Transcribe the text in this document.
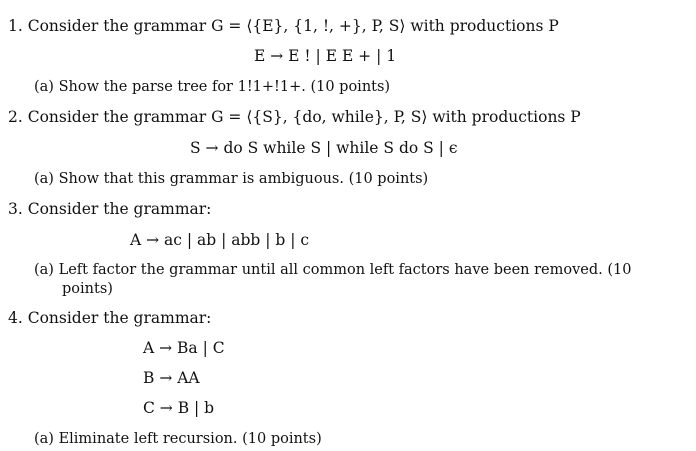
1. Consider the grammar G = ⟨{E}, {1, !, +}, P, S⟩ with productions P
E → E ! | E E + | 1
(a) Show the parse tree for 1!1+!1+. (10 points)
2. Consider the grammar G = ⟨{S}, {do, while}, P, S⟩ with productions P
S → do S while S | while S do S | ϵ
(a) Show that this grammar is ambiguous. (10 points)
3. Consider the grammar:
A → ac | ab | abb | b | c
(a) Left factor the grammar until all common left factors have been removed. (10
points)
4. Consider the grammar:
A → Ba | C
B → AA
C → B | b
(a) Eliminate left recursion. (10 points)
